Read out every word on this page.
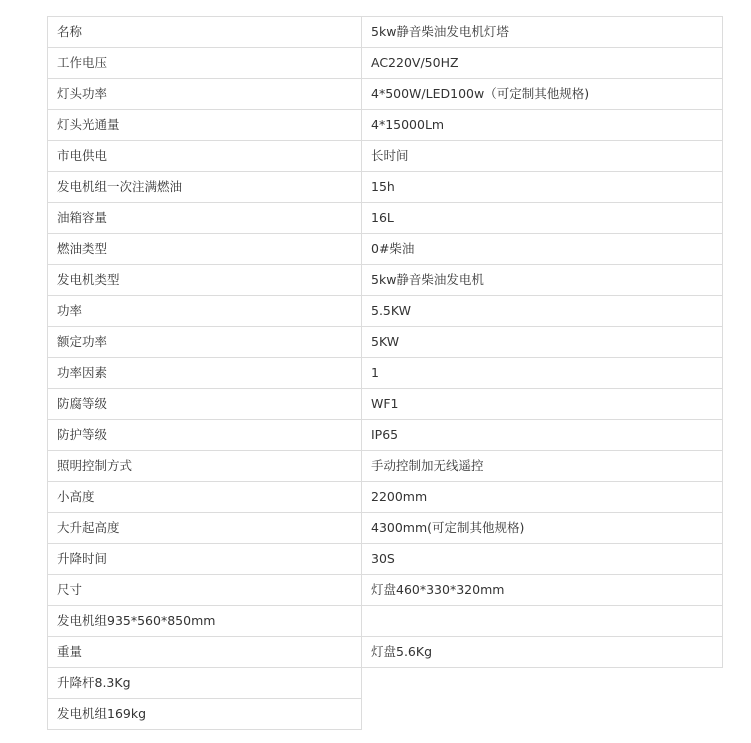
名称	5kw静音柴油发电机灯塔
工作电压	AC220V/50HZ
灯头功率	4*500W/LED100w（可定制其他规格)
灯头光通量	4*15000Lm
市电供电	长时间
发电机组一次注满燃油	15h
油箱容量	16L
燃油类型	0#柴油
发电机类型	5kw静音柴油发电机
功率	5.5KW
额定功率	5KW
功率因素	1
防腐等级	WF1
防护等级	IP65
照明控制方式	手动控制加无线遥控
小高度	2200mm
大升起高度	4300mm(可定制其他规格)
升降时间	30S
尺寸	灯盘460*330*320mm
发电机组935*560*850mm	
重量	灯盘5.6Kg
升降杆8.3Kg	
发电机组169kg	
